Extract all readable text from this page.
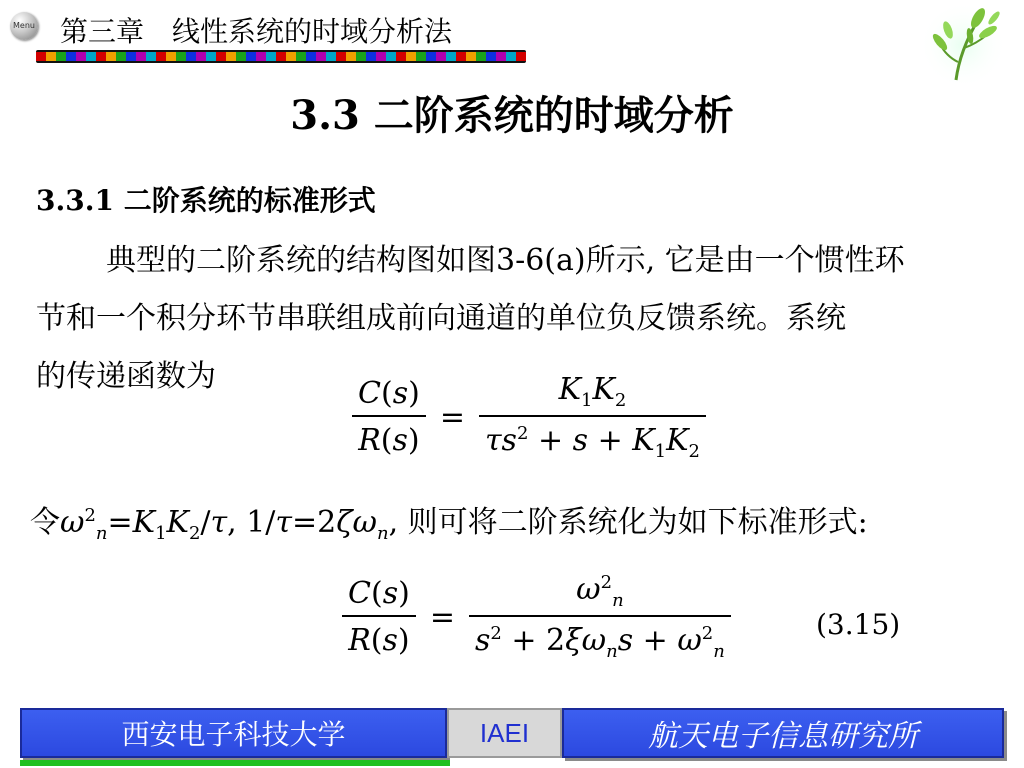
Menu 第三章　线性系统的时域分析法
3.3 二阶系统的时域分析
3.3.1 二阶系统的标准形式
典型的二阶系统的结构图如图3-6(a)所示, 它是由一个惯性环
节和一个积分环节串联组成前向通道的单位负反馈系统。系统
的传递函数为	$\frac{C(s)}{R(s)} = \frac{K_1K_2}{\tau s^2 + s + K_1K_2}$
令$\omega^2_n=K_1K_2/\tau$, $1/\tau=2\zeta\omega_n$, 则可将二阶系统化为如下标准形式:
$\frac{C(s)}{R(s)} = \frac{\omega^2_n}{s^2 + 2\xi\omega_ns + \omega^2_n}$	(3.15)
西安电子科技大学	IAEI	航天电子信息研究所
